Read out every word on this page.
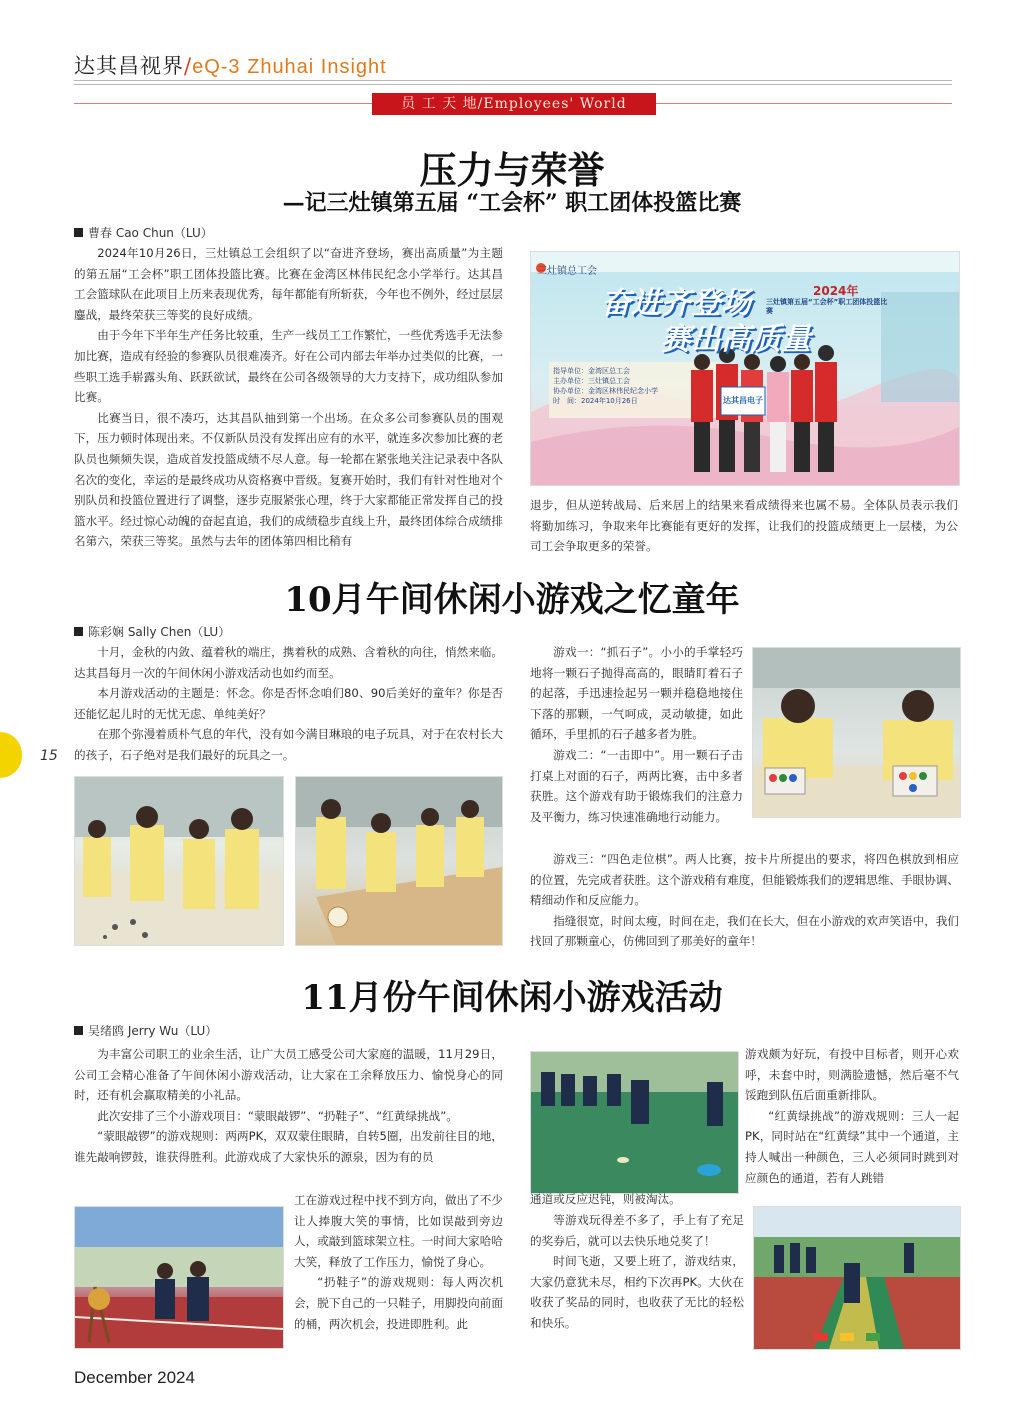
达其昌视界/eQ-3 Zhuhai Insight
员 工 天 地/Employees' World
15
压力与荣誉
—记三灶镇第五届 “工会杯” 职工团体投篮比赛
曹春 Cao Chun（LU）

2024年10月26日，三灶镇总工会组织了以“奋进齐登场，赛出高质量”为主题的第五届“工会杯”职工团体投篮比赛。比赛在金湾区林伟民纪念小学举行。达其昌工会篮球队在此项目上历来表现优秀，每年都能有所斩获，今年也不例外，经过层层鏖战，最终荣获三等奖的良好成绩。

由于今年下半年生产任务比较重，生产一线员工工作繁忙，一些优秀选手无法参加比赛，造成有经验的参赛队员很难凑齐。好在公司内部去年举办过类似的比赛，一些职工选手崭露头角、跃跃欲试，最终在公司各级领导的大力支持下，成功组队参加比赛。

比赛当日，很不凑巧，达其昌队抽到第一个出场。在众多公司参赛队员的围观下，压力顿时体现出来。不仅新队员没有发挥出应有的水平，就连多次参加比赛的老队员也频频失误，造成首发投篮成绩不尽人意。每一轮都在紧张地关注记录表中各队名次的变化，幸运的是最终成功从资格赛中晋级。复赛开始时，我们有针对性地对个别队员和投篮位置进行了调整，逐步克服紧张心理，终于大家都能正常发挥自己的投篮水平。经过惊心动魄的奋起直追，我们的成绩稳步直线上升，最终团体综合成绩排名第六，荣获三等奖。虽然与去年的团体第四相比稍有

三灶镇总工会
奋进齐登场
赛出高质量
2024年
三灶镇第五届“工会杯”职工团体投篮比赛
指导单位：金湾区总工会
主办单位：三灶镇总工会
协办单位：金湾区林伟民纪念小学
时　间：2024年10月26日	达其昌电子

退步，但从逆转战局、后来居上的结果来看成绩得来也属不易。全体队员表示我们将勤加练习，争取来年比赛能有更好的发挥，让我们的投篮成绩更上一层楼，为公司工会争取更多的荣誉。

10月午间休闲小游戏之忆童年
陈彩娴 Sally Chen（LU）

十月，金秋的内敛、蕴着秋的端庄，携着秋的成熟、含着秋的向往，悄然来临。达其昌每月一次的午间休闲小游戏活动也如约而至。

本月游戏活动的主题是：怀念。你是否怀念咱们80、90后美好的童年？你是否还能忆起儿时的无忧无虑、单纯美好？

在那个弥漫着质朴气息的年代，没有如今满目琳琅的电子玩具，对于在农村长大的孩子，石子绝对是我们最好的玩具之一。

游戏一：“抓石子”。小小的手掌轻巧地将一颗石子抛得高高的，眼睛盯着石子的起落，手迅速捡起另一颗并稳稳地接住下落的那颗，一气呵成，灵动敏捷，如此循环，手里抓的石子越多者为胜。

游戏二：“一击即中”。用一颗石子击打桌上对面的石子，两两比赛，击中多者获胜。这个游戏有助于锻炼我们的注意力及平衡力，练习快速准确地行动能力。

游戏三：“四色走位棋”。两人比赛，按卡片所提出的要求，将四色棋放到相应的位置，先完成者获胜。这个游戏稍有难度，但能锻炼我们的逻辑思维、手眼协调、精细动作和反应能力。

指缝很宽，时间太瘦，时间在走，我们在长大，但在小游戏的欢声笑语中，我们找回了那颗童心，仿佛回到了那美好的童年！

11月份午间休闲小游戏活动
吴绪鸥 Jerry Wu（LU）

为丰富公司职工的业余生活，让广大员工感受公司大家庭的温暖，11月29日，公司工会精心准备了午间休闲小游戏活动，让大家在工余释放压力、愉悦身心的同时，还有机会赢取精美的小礼品。

此次安排了三个小游戏项目：“蒙眼敲锣”、“扔鞋子”、“红黄绿挑战”。

“蒙眼敲锣”的游戏规则：两两PK，双双蒙住眼睛，自转5圈，出发前往目的地，谁先敲响锣鼓，谁获得胜利。此游戏成了大家快乐的源泉，因为有的员

工在游戏过程中找不到方向，做出了不少让人捧腹大笑的事情，比如误敲到旁边人，或敲到篮球架立柱。一时间大家哈哈大笑，释放了工作压力，愉悦了身心。

“扔鞋子”的游戏规则：每人两次机会，脱下自己的一只鞋子，用脚投向前面的桶，两次机会，投进即胜利。此

游戏颇为好玩，有投中目标者，则开心欢呼，未套中时，则满脸遗憾，然后毫不气馁跑到队伍后面重新排队。

“红黄绿挑战”的游戏规则：三人一起PK，同时站在“红黄绿”其中一个通道，主持人喊出一种颜色，三人必须同时跳到对应颜色的通道，若有人跳错

通道或反应迟钝，则被淘汰。

等游戏玩得差不多了，手上有了充足的奖券后，就可以去快乐地兑奖了！

时间飞逝，又要上班了，游戏结束，大家仍意犹未尽，相约下次再PK。大伙在收获了奖品的同时，也收获了无比的轻松和快乐。

December 2024
